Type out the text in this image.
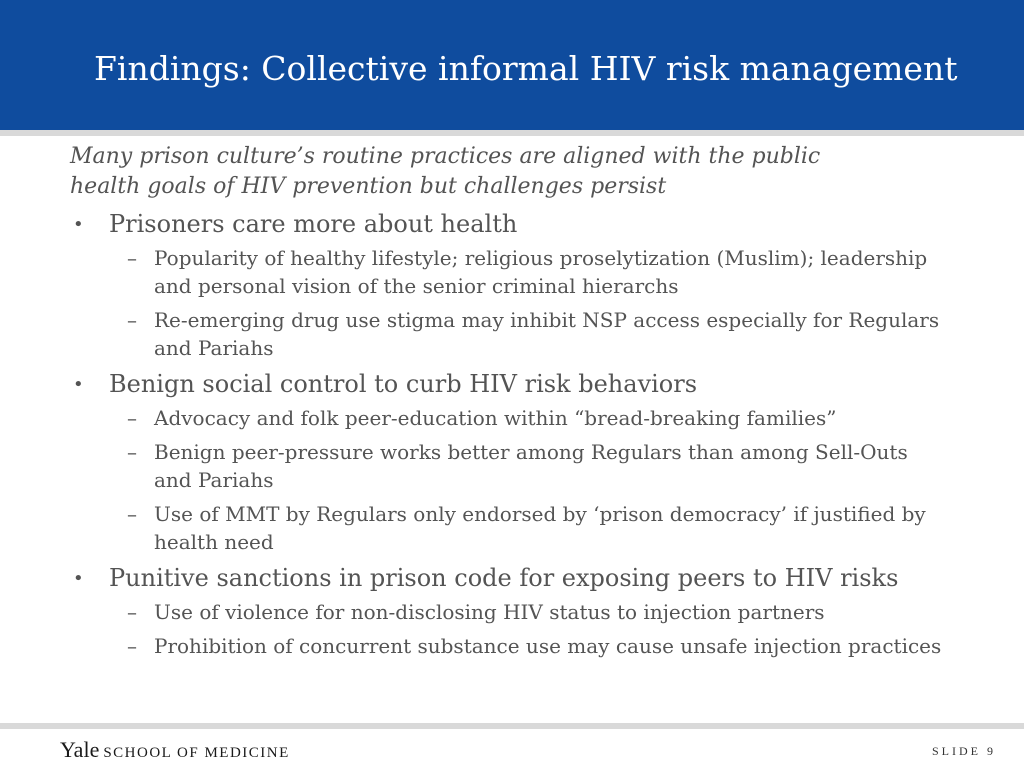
Findings: Collective informal HIV risk management

Many prison culture’s routine practices are aligned with the public
health goals of HIV prevention but challenges persist

• Prisoners care more about health
– Popularity of healthy lifestyle; religious proselytization (Muslim); leadership and personal vision of the senior criminal hierarchs
– Re-emerging drug use stigma may inhibit NSP access especially for Regulars and Pariahs
• Benign social control to curb HIV risk behaviors
– Advocacy and folk peer-education within “bread-breaking families”
– Benign peer-pressure works better among Regulars than among Sell-Outs and Pariahs
– Use of MMT by Regulars only endorsed by ‘prison democracy’ if justified by health need
• Punitive sanctions in prison code for exposing peers to HIV risks
– Use of violence for non-disclosing HIV status to injection partners
– Prohibition of concurrent substance use may cause unsafe injection practices
Yale SCHOOL OF MEDICINE	SLIDE 9
